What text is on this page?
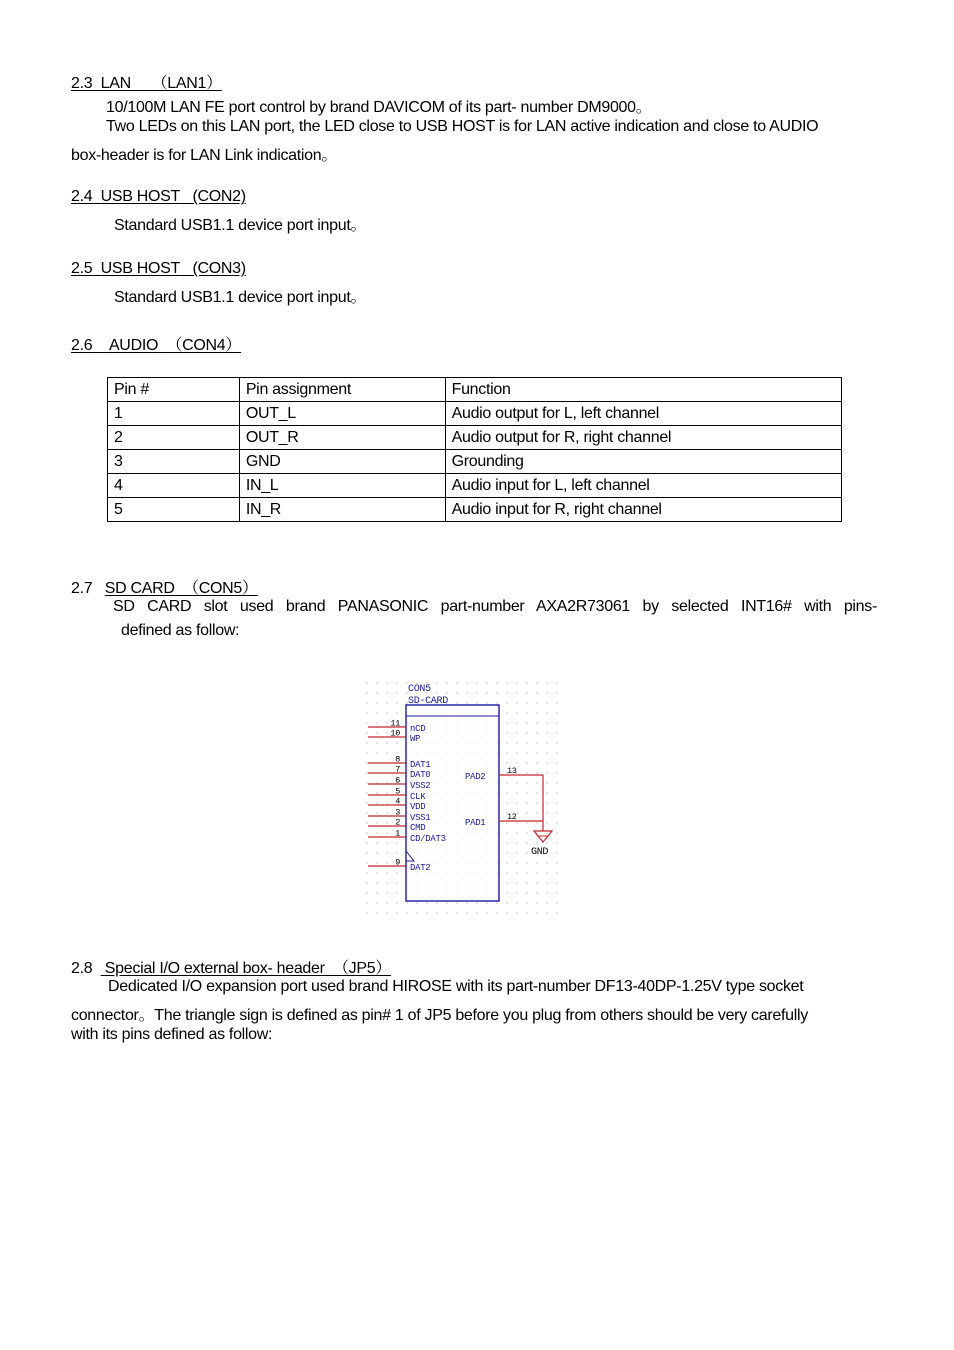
2.3 LAN （LAN1）
10/100M LAN FE port control by brand DAVICOM of its part- number DM9000。
Two LEDs on this LAN port, the LED close to USB HOST is for LAN active indication and close to AUDIO
box-header is for LAN Link indication。
2.4 USB HOST (CON2)
Standard USB1.1 device port input。
2.5 USB HOST (CON3)
Standard USB1.1 device port input。
2.6 AUDIO （CON4）
Pin #	Pin assignment	Function
1	OUT_L	Audio output for L, left channel
2	OUT_R	Audio output for R, right channel
3	GND	Grounding
4	IN_L	Audio input for L, left channel
5	IN_R	Audio input for R, right channel
2.7 SD CARD （CON5）
SD CARD slot used brand PANASONIC part-number AXA2R73061 by selected INT16# with pins-
defined as follow:
CON5
SD-CARD
11
nCD
10
WP
8
DAT1
7
DAT0
6
VSS2
5
CLK
4
VDD
3
VSS1
2
CMD
1
CD/DAT3
9
DAT2
13
PAD2
12
PAD1
GND
2.8 Special I/O external box- header （JP5）
Dedicated I/O expansion port used brand HIROSE with its part-number DF13-40DP-1.25V type socket
connector。The triangle sign is defined as pin# 1 of JP5 before you plug from others should be very carefully
with its pins defined as follow:
